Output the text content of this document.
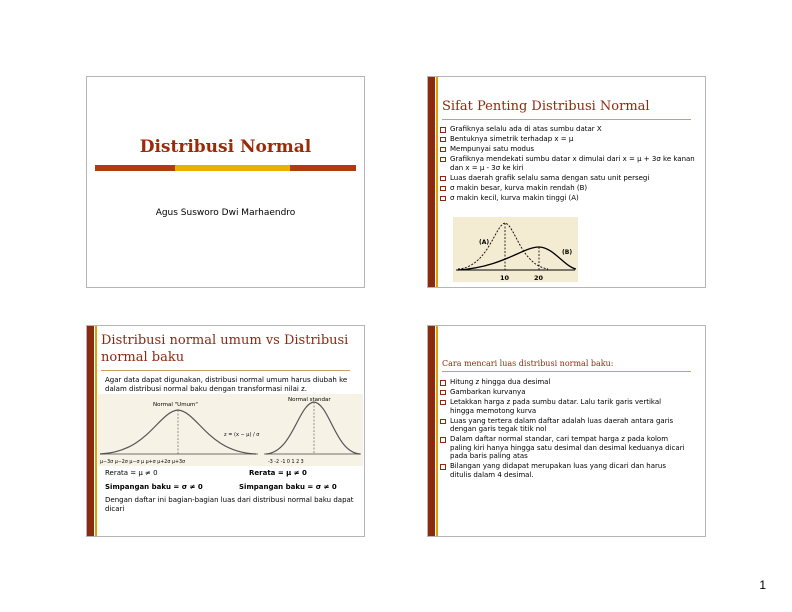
Distribusi Normal
Agus Susworo Dwi Marhaendro
Sifat Penting Distribusi Normal
Grafiknya selalu ada di atas sumbu datar X
Bentuknya simetrik terhadap x = μ
Mempunyai satu modus
Grafiknya mendekati sumbu datar x dimulai dari x = μ + 3σ ke kanan dan x = μ - 3σ ke kiri
Luas daerah grafik selalu sama dengan satu unit persegi
σ makin besar, kurva makin rendah (B)
σ makin kecil, kurva makin tinggi (A)
(A)
(B)
10	20
Distribusi normal umum vs Distribusi normal baku
Agar data dapat digunakan, distribusi normal umum harus diubah ke dalam distribusi normal baku dengan transformasi nilai z.
Normal "Umum"
Normal standar
z = (x − μ) / σ
μ−3σ μ−2σ μ−σ μ μ+σ μ+2σ μ+3σ	-3 -2 -1 0 1 2 3
Rerata = μ ≠ 0	Rerata = μ ≠ 0
Simpangan baku = σ ≠ 0	Simpangan baku = σ ≠ 0
Dengan daftar ini bagian-bagian luas dari distribusi normal baku dapat dicari
Cara mencari luas distribusi normal baku:
Hitung z hingga dua desimal
Gambarkan kurvanya
Letakkan harga z pada sumbu datar. Lalu tarik garis vertikal hingga memotong kurva
Luas yang tertera dalam daftar adalah luas daerah antara garis dengan garis tegak titik nol
Dalam daftar normal standar, cari tempat harga z pada kolom paling kiri hanya hingga satu desimal dan desimal keduanya dicari pada baris paling atas
Bilangan yang didapat merupakan luas yang dicari dan harus ditulis dalam 4 desimal.
1
